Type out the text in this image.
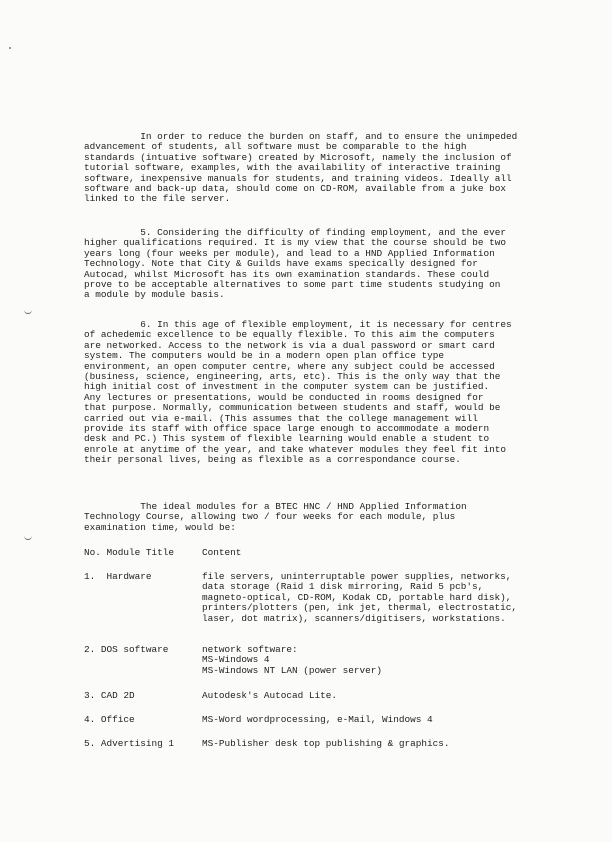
In order to reduce the burden on staff, and to ensure the unimpeded
advancement of students, all software must be comparable to the high
standards (intuative software) created by Microsoft, namely the inclusion of
tutorial software, examples, with the availability of interactive training
software, inexpensive manuals for students, and training videos. Ideally all
software and back-up data, should come on CD-ROM, available from a juke box
linked to the file server.
5. Considering the difficulty of finding employment, and the ever
higher qualifications required. It is my view that the course should be two
years long (four weeks per module), and lead to a HND Applied Information
Technology. Note that City & Guilds have exams specically designed for
Autocad, whilst Microsoft has its own examination standards. These could
prove to be acceptable alternatives to some part time students studying on
a module by module basis.
6. In this age of flexible employment, it is necessary for centres
of achedemic excellence to be equally flexible. To this aim the computers
are networked. Access to the network is via a dual password or smart card
system. The computers would be in a modern open plan office type
environment, an open computer centre, where any subject could be accessed
(business, science, engineering, arts, etc). This is the only way that the
high initial cost of investment in the computer system can be justified.
Any lectures or presentations, would be conducted in rooms designed for
that purpose. Normally, communication between students and staff, would be
carried out via e-mail. (This assumes that the college management will
provide its staff with office space large enough to accommodate a modern
desk and PC.) This system of flexible learning would enable a student to
enrole at anytime of the year, and take whatever modules they feel fit into
their personal lives, being as flexible as a correspondance course.
The ideal modules for a BTEC HNC / HND Applied Information
Technology Course, allowing two / four weeks for each module, plus
examination time, would be:
No. Module Title	Content
1.  Hardware	file servers, uninterruptable power supplies, networks,
data storage (Raid 1 disk mirroring, Raid 5 pcb's,
magneto-optical, CD-ROM, Kodak CD, portable hard disk),
printers/plotters (pen, ink jet, thermal, electrostatic,
laser, dot matrix), scanners/digitisers, workstations.
2. DOS software	network software:
MS-Windows 4
MS-Windows NT LAN (power server)
3. CAD 2D	Autodesk's Autocad Lite.
4. Office	MS-Word wordprocessing, e-Mail, Windows 4
5. Advertising 1	MS-Publisher desk top publishing & graphics.
